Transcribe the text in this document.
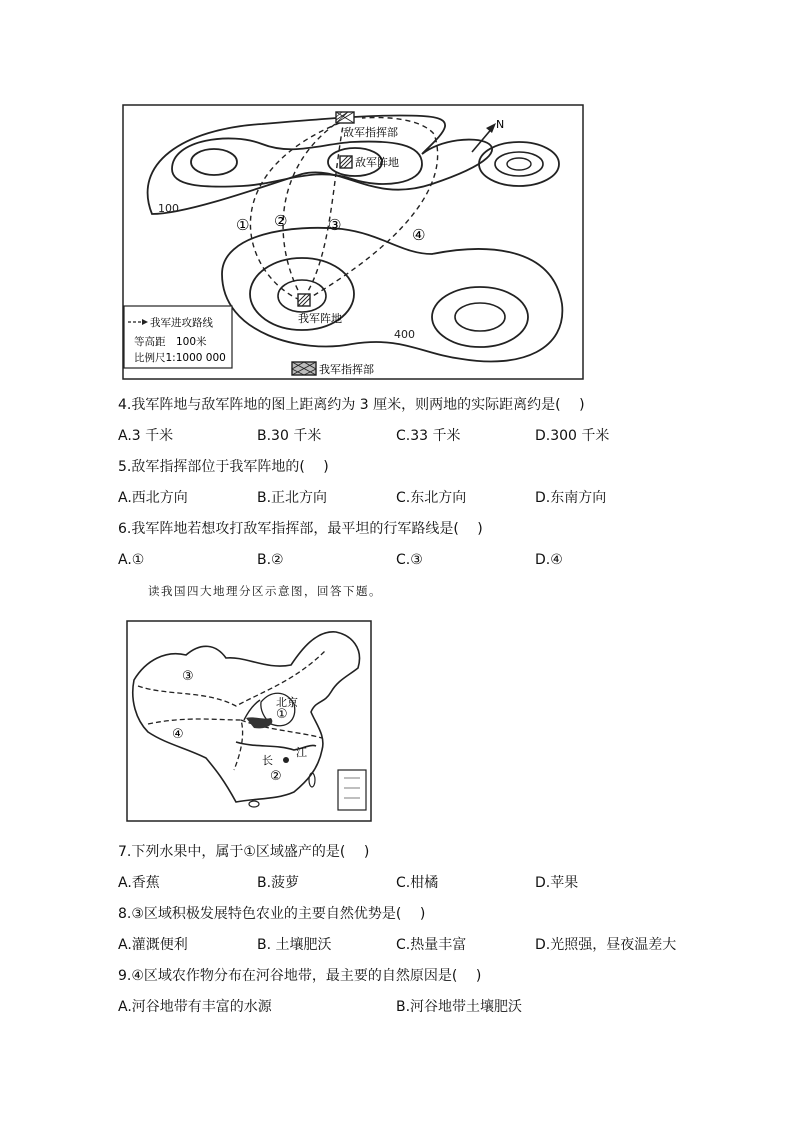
N
敌军指挥部
敌军阵地
我军阵地
我军指挥部
100
400
① ②	③
④
我军进攻路线
等高距　100米
比例尺1:1000 000
4.我军阵地与敌军阵地的图上距离约为 3 厘米，则两地的实际距离约是(　 )
A.3 千米	B.30 千米	C.33 千米	D.300 千米
5.敌军指挥部位于我军阵地的(　 )
A.西北方向	B.正北方向	C.东北方向	D.东南方向
6.我军阵地若想攻打敌军指挥部，最平坦的行军路线是(　 )
A.①	B.②	C.③	D.④
读我国四大地理分区示意图，回答下题。
③
④
①
②
北京
长
江
7.下列水果中，属于①区域盛产的是(　 )
A.香蕉	B.菠萝	C.柑橘	D.苹果
8.③区域积极发展特色农业的主要自然优势是(　 )
A.灌溉便利	B. 土壤肥沃	C.热量丰富	D.光照强，昼夜温差大
9.④区域农作物分布在河谷地带，最主要的自然原因是(　 )
A.河谷地带有丰富的水源	B.河谷地带土壤肥沃
